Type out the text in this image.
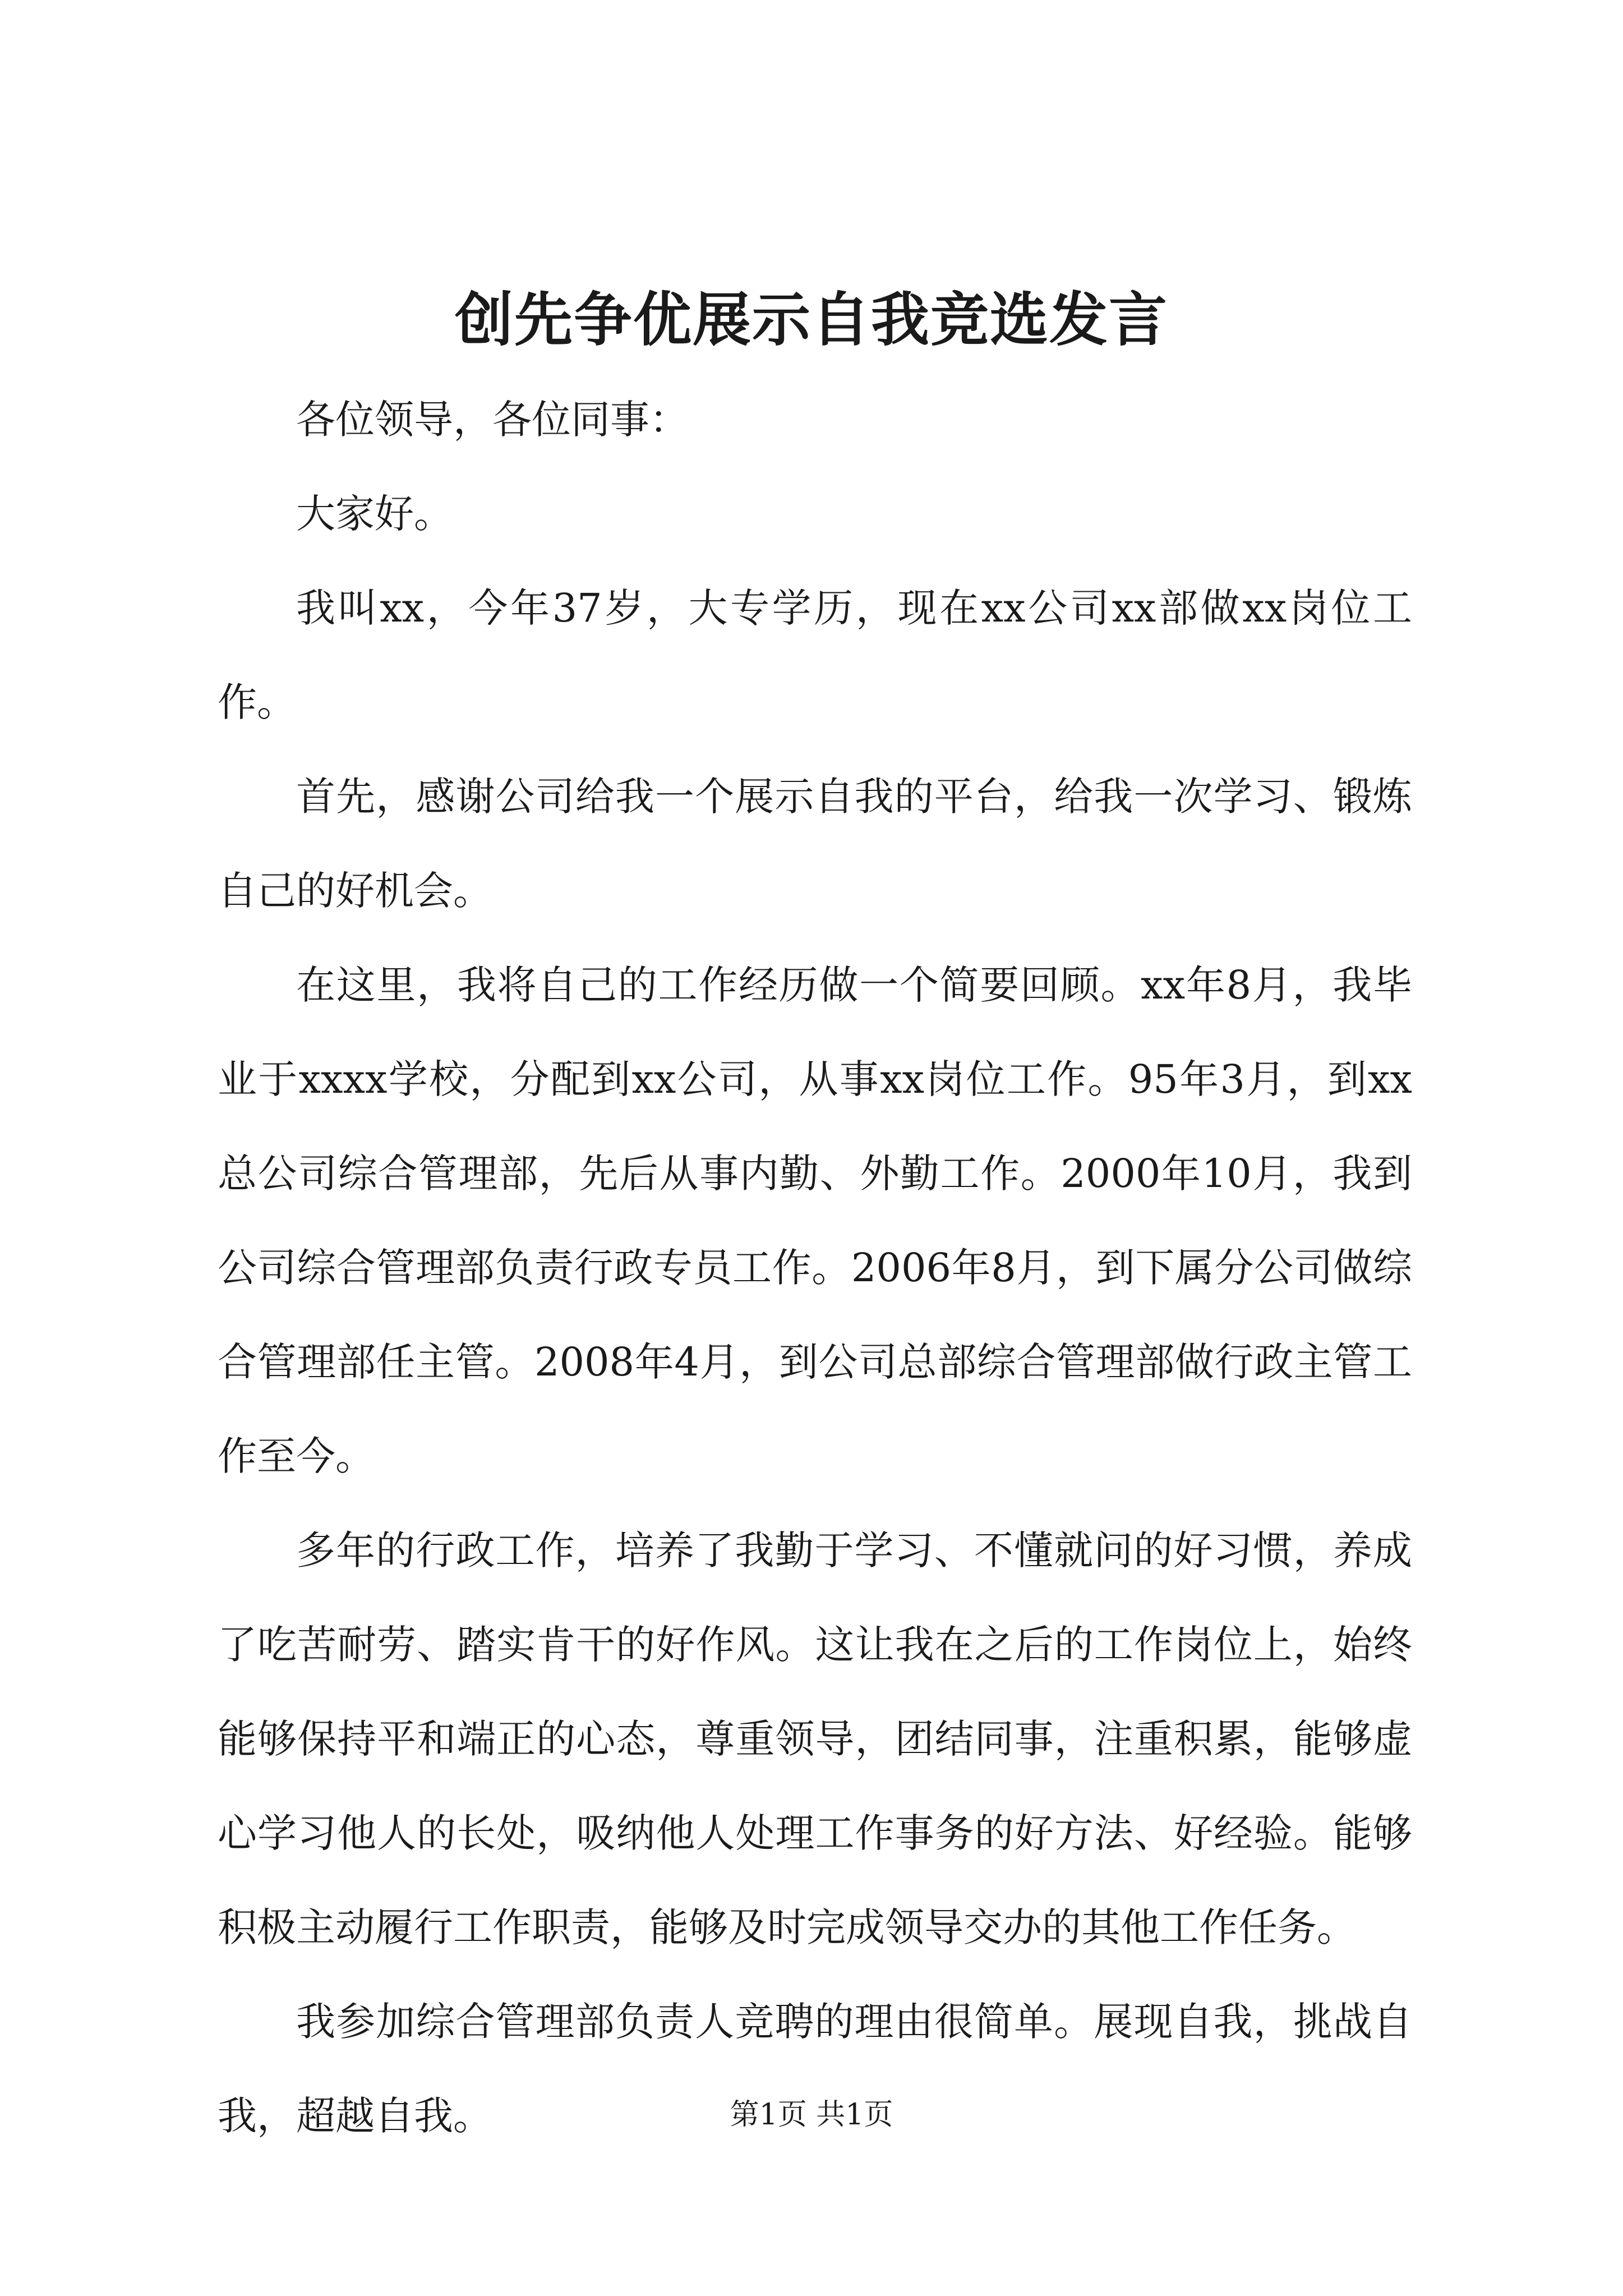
创先争优展示自我竞选发言

各位领导，各位同事：

大家好。

我叫xx，今年37岁，大专学历，现在xx公司xx部做xx岗位工作。

首先，感谢公司给我一个展示自我的平台，给我一次学习、锻炼自己的好机会。

在这里，我将自己的工作经历做一个简要回顾。xx年8月，我毕业于xxxx学校，分配到xx公司，从事xx岗位工作。95年3月，到xx总公司综合管理部，先后从事内勤、外勤工作。2000年10月，我到公司综合管理部负责行政专员工作。2006年8月，到下属分公司做综合管理部任主管。2008年4月，到公司总部综合管理部做行政主管工作至今。

多年的行政工作，培养了我勤于学习、不懂就问的好习惯，养成了吃苦耐劳、踏实肯干的好作风。这让我在之后的工作岗位上，始终能够保持平和端正的心态，尊重领导，团结同事，注重积累，能够虚心学习他人的长处，吸纳他人处理工作事务的好方法、好经验。能够积极主动履行工作职责，能够及时完成领导交办的其他工作任务。

我参加综合管理部负责人竞聘的理由很简单。展现自我，挑战自我，超越自我。	第1页 共1页
